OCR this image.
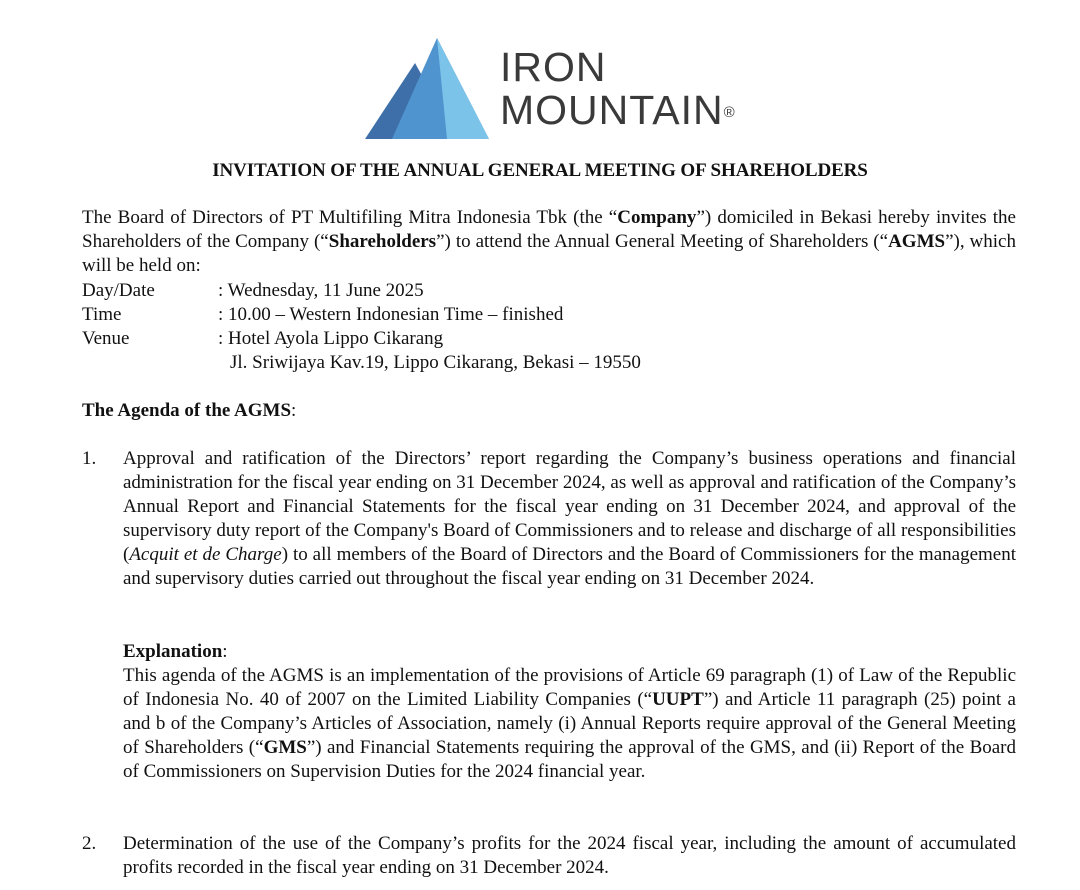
IRON
MOUNTAIN®
INVITATION OF THE ANNUAL GENERAL MEETING OF SHAREHOLDERS

The Board of Directors of PT Multifiling Mitra Indonesia Tbk (the “Company”) domiciled in Bekasi hereby invites the Shareholders of the Company (“Shareholders”) to attend the Annual General Meeting of Shareholders (“AGMS”), which will be held on:

Day/Date	: Wednesday, 11 June 2025
Time	: 10.00 – Western Indonesian Time – finished
Venue	: Hotel Ayola Lippo Cikarang
Jl. Sriwijaya Kav.19, Lippo Cikarang, Bekasi – 19550
The Agenda of the AGMS:
1. Approval and ratification of the Directors’ report regarding the Company’s business operations and financial administration for the fiscal year ending on 31 December 2024, as well as approval and ratification of the Company’s Annual Report and Financial Statements for the fiscal year ending on 31 December 2024, and approval of the supervisory duty report of the Company's Board of Commissioners and to release and discharge of all responsibilities (Acquit et de Charge) to all members of the Board of Directors and the Board of Commissioners for the management and supervisory duties carried out throughout the fiscal year ending on 31 December 2024.

Explanation:

This agenda of the AGMS is an implementation of the provisions of Article 69 paragraph (1) of Law of the Republic of Indonesia No. 40 of 2007 on the Limited Liability Companies (“UUPT”) and Article 11 paragraph (25) point a and b of the Company’s Articles of Association, namely (i) Annual Reports require approval of the General Meeting of Shareholders (“GMS”) and Financial Statements requiring the approval of the GMS, and (ii) Report of the Board of Commissioners on Supervision Duties for the 2024 financial year.

2. Determination of the use of the Company’s profits for the 2024 fiscal year, including the amount of accumulated profits recorded in the fiscal year ending on 31 December 2024.
